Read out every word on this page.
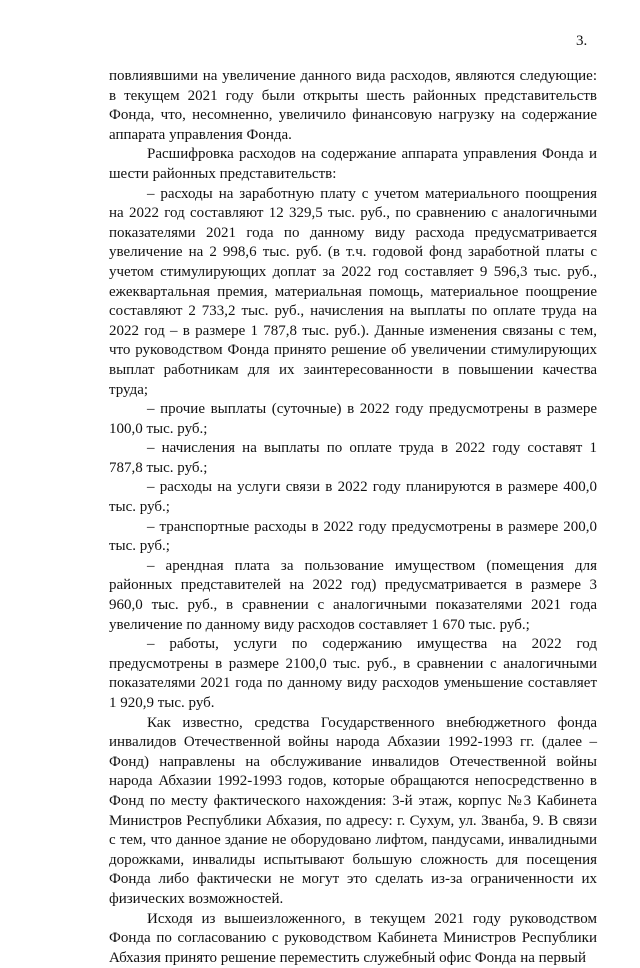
3.

повлиявшими на увеличение данного вида расходов, являются следующие: в текущем 2021 году были открыты шесть районных представительств Фонда, что, несомненно, увеличило финансовую нагрузку на содержание аппарата управления Фонда.

Расшифровка расходов на содержание аппарата управления Фонда и шести районных представительств:

– расходы на заработную плату с учетом материального поощрения на 2022 год составляют 12 329,5 тыс. руб., по сравнению с аналогичными показателями 2021 года по данному виду расхода предусматривается увеличение на 2 998,6 тыс. руб. (в т.ч. годовой фонд заработной платы с учетом стимулирующих доплат за 2022 год составляет 9 596,3 тыс. руб., ежеквартальная премия, материальная помощь, материальное поощрение составляют 2 733,2 тыс. руб., начисления на выплаты по оплате труда на 2022 год – в размере 1 787,8 тыс. руб.). Данные изменения связаны с тем, что руководством Фонда принято решение об увеличении стимулирующих выплат работникам для их заинтересованности в повышении качества труда;

– прочие выплаты (суточные) в 2022 году предусмотрены в размере 100,0 тыс. руб.;

– начисления на выплаты по оплате труда в 2022 году составят 1 787,8 тыс. руб.;

– расходы на услуги связи в 2022 году планируются в размере 400,0 тыс. руб.;

– транспортные расходы в 2022 году предусмотрены в размере 200,0 тыс. руб.;

– арендная плата за пользование имуществом (помещения для районных представителей на 2022 год) предусматривается в размере 3 960,0 тыс. руб., в сравнении с аналогичными показателями 2021 года увеличение по данному виду расходов составляет 1 670 тыс. руб.;

– работы, услуги по содержанию имущества на 2022 год предусмотрены в размере 2100,0 тыс. руб., в сравнении с аналогичными показателями 2021 года по данному виду расходов уменьшение составляет 1 920,9 тыс. руб.

Как известно, средства Государственного внебюджетного фонда инвалидов Отечественной войны народа Абхазии 1992-1993 гг. (далее – Фонд) направлены на обслуживание инвалидов Отечественной войны народа Абхазии 1992-1993 годов, которые обращаются непосредственно в Фонд по месту фактического нахождения: 3-й этаж, корпус №3 Кабинета Министров Республики Абхазия, по адресу: г. Сухум, ул. Званба, 9. В связи с тем, что данное здание не оборудовано лифтом, пандусами, инвалидными дорожками, инвалиды испытывают большую сложность для посещения Фонда либо фактически не могут это сделать из-за ограниченности их физических возможностей.

Исходя из вышеизложенного, в текущем 2021 году руководством Фонда по согласованию с руководством Кабинета Министров Республики Абхазия принято решение переместить служебный офис Фонда на первый
